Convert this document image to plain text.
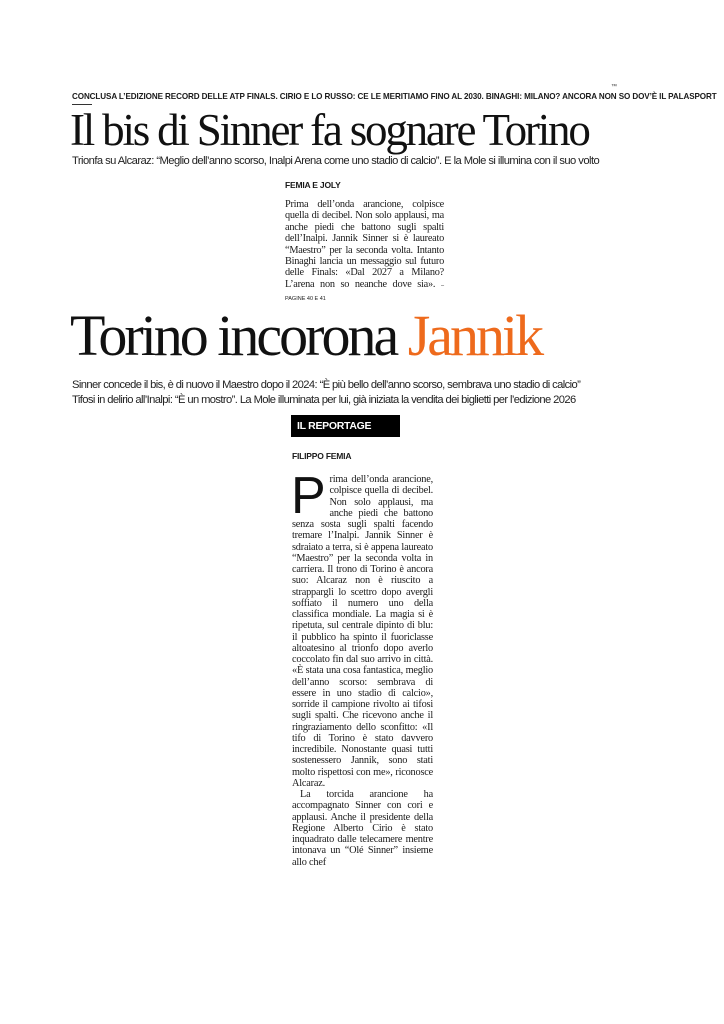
CONCLUSA L’EDIZIONE RECORD DELLE ATP FINALS. CIRIO E LO RUSSO: CE LE MERITIAMO FINO AL 2030. BINAGHI: MILANO? ANCORA NON SO DOV’È IL PALASPORT
™
Il bis di Sinner fa sognare Torino
Trionfa su Alcaraz: “Meglio dell’anno scorso, Inalpi Arena come uno stadio di calcio”. E la Mole si illumina con il suo volto
FEMIA E JOLY
Prima dell’onda arancione, colpisce quella di decibel. Non solo applausi, ma anche piedi che battono sugli spalti dell’Inalpi. Jannik Sinner si è laureato “Maestro” per la seconda volta. Intanto Binaghi lancia un messaggio sul futuro delle Finals: «Dal 2027 a Milano? L’arena non so neanche dove sia». – PAGINE 40 E 41
Torino incorona Jannik
Sinner concede il bis, è di nuovo il Maestro dopo il 2024: “È più bello dell’anno scorso, sembrava uno stadio di calcio”
Tifosi in delirio all’Inalpi: “È un mostro”. La Mole illuminata per lui, già iniziata la vendita dei biglietti per l’edizione 2026
IL REPORTAGE
FILIPPO FEMIA

Prima dell’onda arancione, colpisce quella di decibel. Non solo applausi, ma anche piedi che battono senza sosta sugli spalti facendo tremare l’Inalpi. Jannik Sinner è sdraiato a terra, si è appena laureato “Maestro” per la seconda volta in carriera. Il trono di Torino è ancora suo: Alcaraz non è riuscito a strappargli lo scettro dopo avergli soffiato il numero uno della classifica mondiale. La magia si è ripetuta, sul centrale dipinto di blu: il pubblico ha spinto il fuoriclasse altoatesino al trionfo dopo averlo coccolato fin dal suo arrivo in città. «È stata una cosa fantastica, meglio dell’anno scorso: sembrava di essere in uno stadio di calcio», sorride il campione rivolto ai tifosi sugli spalti. Che ricevono anche il ringraziamento dello sconfitto: «Il tifo di Torino è stato davvero incredibile. Nonostante quasi tutti sostenessero Jannik, sono stati molto rispettosi con me», riconosce Alcaraz.

La torcida arancione ha accompagnato Sinner con cori e applausi. Anche il presidente della Regione Alberto Cirio è stato inquadrato dalle telecamere mentre intonava un “Olé Sinner” insieme allo chef
